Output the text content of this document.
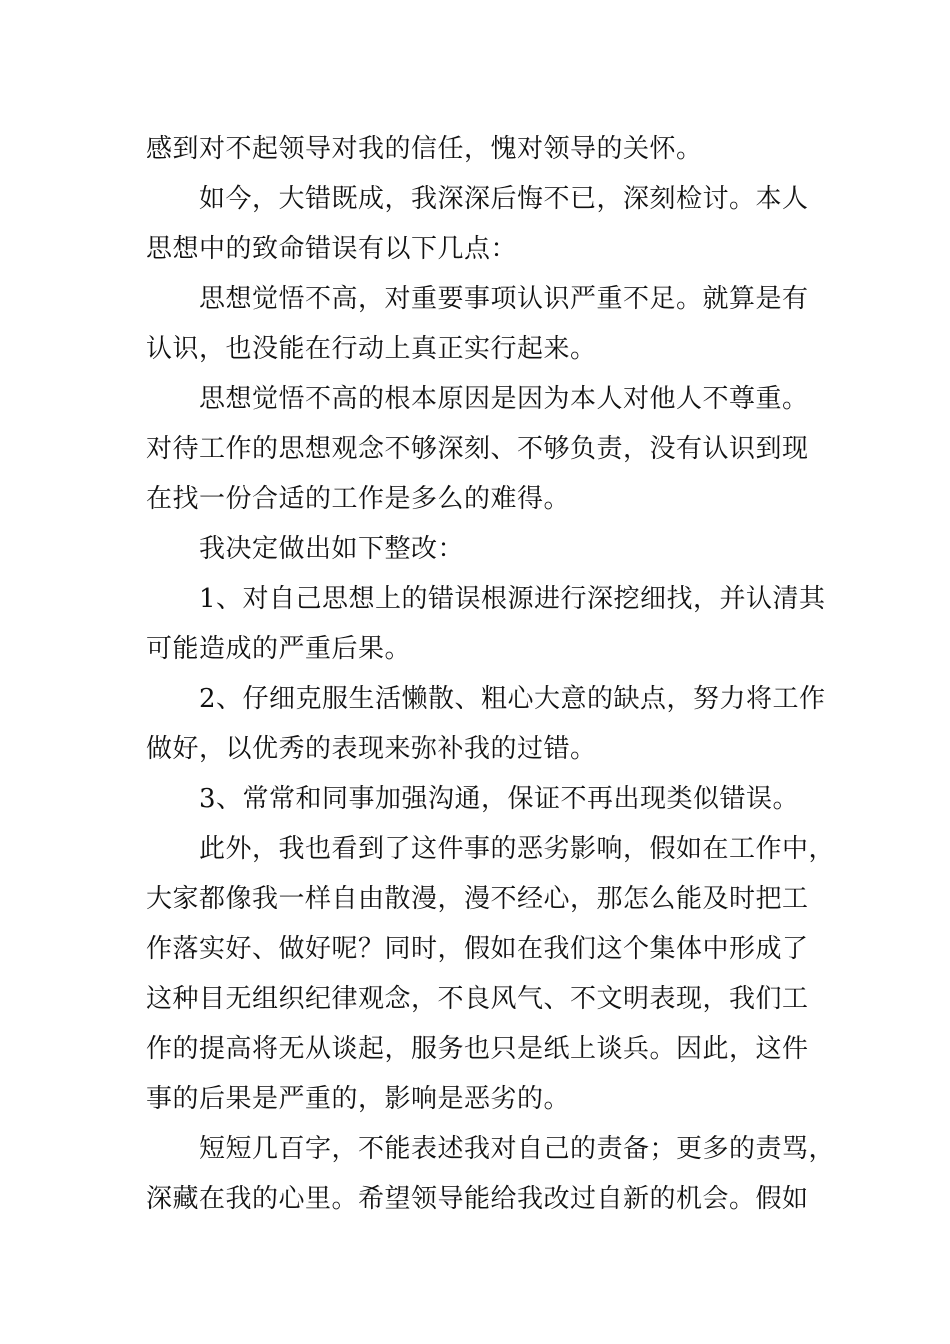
感到对不起领导对我的信任，愧对领导的关怀。
如今，大错既成，我深深后悔不已，深刻检讨。本人
思想中的致命错误有以下几点：
思想觉悟不高，对重要事项认识严重不足。就算是有
认识，也没能在行动上真正实行起来。
思想觉悟不高的根本原因是因为本人对他人不尊重。
对待工作的思想观念不够深刻、不够负责，没有认识到现
在找一份合适的工作是多么的难得。
我决定做出如下整改：
1、对自己思想上的错误根源进行深挖细找，并认清其
可能造成的严重后果。
2、仔细克服生活懒散、粗心大意的缺点，努力将工作
做好，以优秀的表现来弥补我的过错。
3、常常和同事加强沟通，保证不再出现类似错误。
此外，我也看到了这件事的恶劣影响，假如在工作中，
大家都像我一样自由散漫，漫不经心，那怎么能及时把工
作落实好、做好呢？同时，假如在我们这个集体中形成了
这种目无组织纪律观念，不良风气、不文明表现，我们工
作的提高将无从谈起，服务也只是纸上谈兵。因此，这件
事的后果是严重的，影响是恶劣的。
短短几百字，不能表述我对自己的责备；更多的责骂，
深藏在我的心里。希望领导能给我改过自新的机会。假如
